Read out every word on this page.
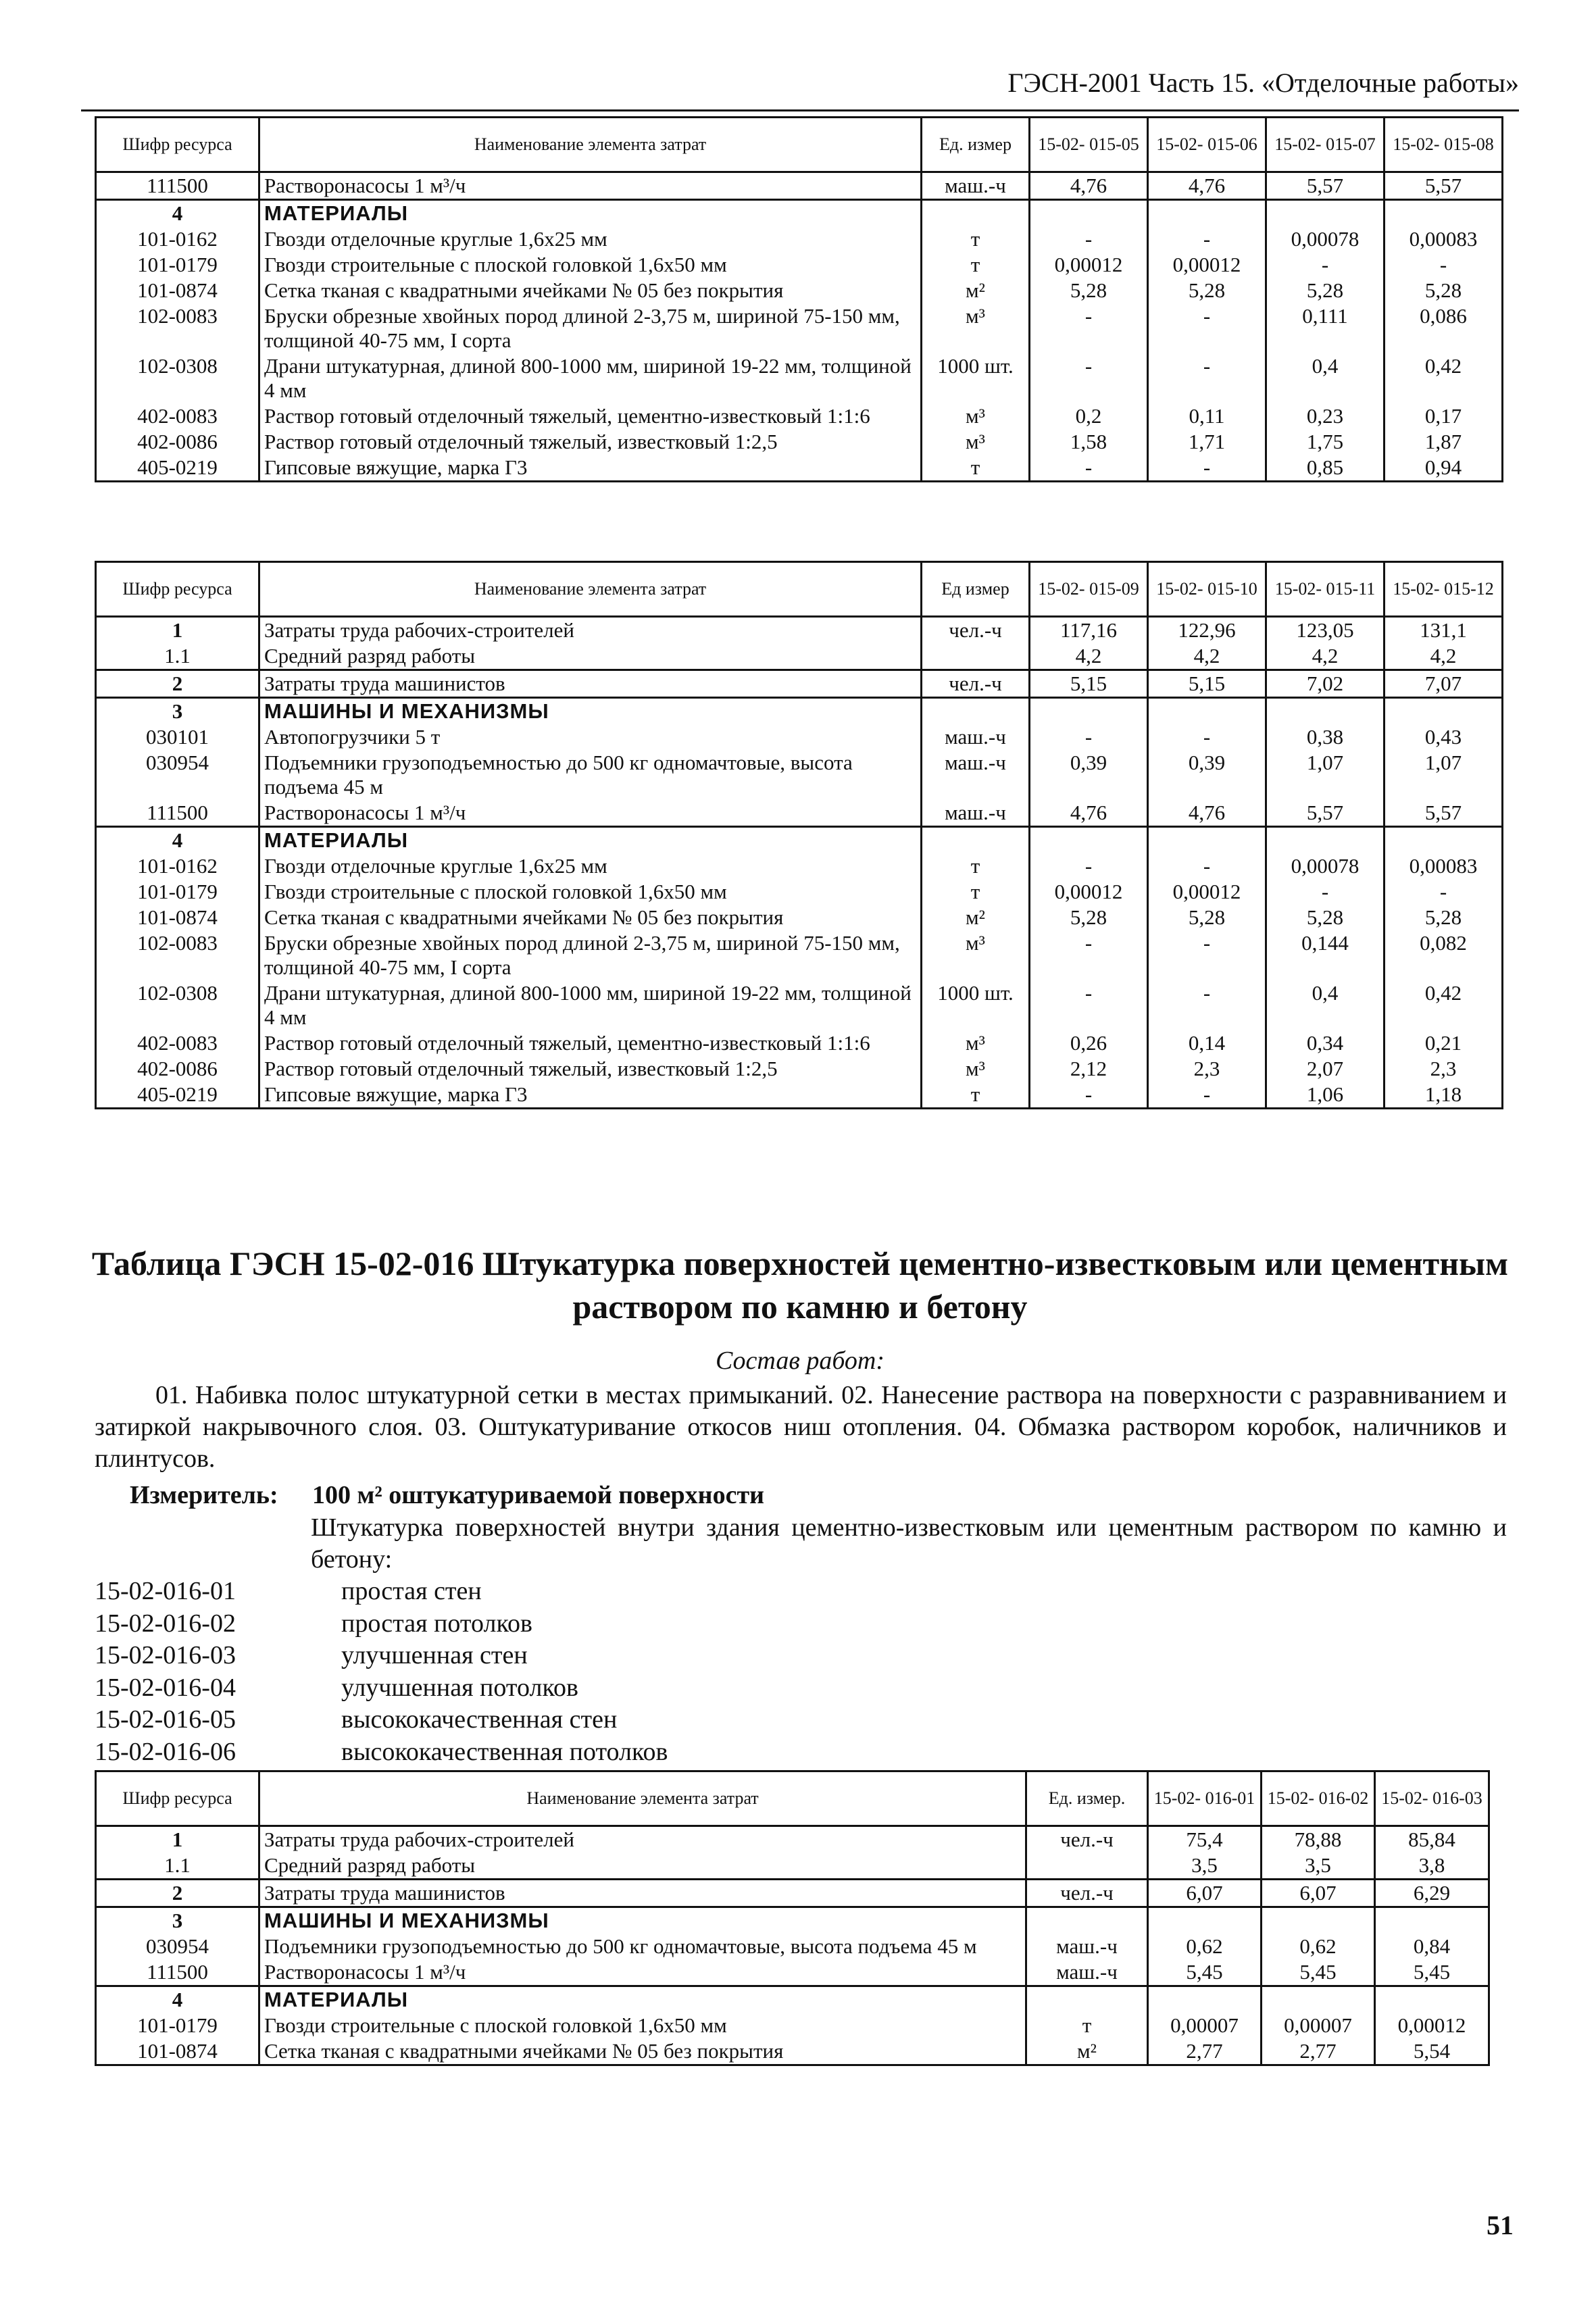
ГЭСН-2001 Часть 15. «Отделочные работы»
Шифр ресурса	Наименование элемента затрат	Ед. измер	15-02- 015-05	15-02- 015-06	15-02- 015-07	15-02- 015-08
111500	Растворонасосы 1 м³/ч	маш.-ч	4,76	4,76	5,57	5,57
4	МАТЕРИАЛЫ					
101-0162	Гвозди отделочные круглые 1,6х25 мм	т	-	-	0,00078	0,00083
101-0179	Гвозди строительные с плоской головкой 1,6х50 мм	т	0,00012	0,00012	-	-
101-0874	Сетка тканая с квадратными ячейками № 05 без покрытия	м²	5,28	5,28	5,28	5,28
102-0083	Бруски обрезные хвойных пород длиной 2-3,75 м, шириной 75-150 мм, толщиной 40-75 мм, I сорта	м³	-	-	0,111	0,086
102-0308	Драни штукатурная, длиной 800-1000 мм, шириной 19-22 мм, толщиной 4 мм	1000 шт.	-	-	0,4	0,42
402-0083	Раствор готовый отделочный тяжелый, цементно-известковый 1:1:6	м³	0,2	0,11	0,23	0,17
402-0086	Раствор готовый отделочный тяжелый, известковый 1:2,5	м³	1,58	1,71	1,75	1,87
405-0219	Гипсовые вяжущие, марка Г3	т	-	-	0,85	0,94
Шифр ресурса	Наименование элемента затрат	Ед измер	15-02- 015-09	15-02- 015-10	15-02- 015-11	15-02- 015-12
1	Затраты труда рабочих-строителей	чел.-ч	117,16	122,96	123,05	131,1
1.1	Средний разряд работы		4,2	4,2	4,2	4,2
2	Затраты труда машинистов	чел.-ч	5,15	5,15	7,02	7,07
3	МАШИНЫ И МЕХАНИЗМЫ					
030101	Автопогрузчики 5 т	маш.-ч	-	-	0,38	0,43
030954	Подъемники грузоподъемностью до 500 кг одномачтовые, высота подъема 45 м	маш.-ч	0,39	0,39	1,07	1,07
111500	Растворонасосы 1 м³/ч	маш.-ч	4,76	4,76	5,57	5,57
4	МАТЕРИАЛЫ					
101-0162	Гвозди отделочные круглые 1,6х25 мм	т	-	-	0,00078	0,00083
101-0179	Гвозди строительные с плоской головкой 1,6х50 мм	т	0,00012	0,00012	-	-
101-0874	Сетка тканая с квадратными ячейками № 05 без покрытия	м²	5,28	5,28	5,28	5,28
102-0083	Бруски обрезные хвойных пород длиной 2-3,75 м, шириной 75-150 мм, толщиной 40-75 мм, I сорта	м³	-	-	0,144	0,082
102-0308	Драни штукатурная, длиной 800-1000 мм, шириной 19-22 мм, толщиной 4 мм	1000 шт.	-	-	0,4	0,42
402-0083	Раствор готовый отделочный тяжелый, цементно-известковый 1:1:6	м³	0,26	0,14	0,34	0,21
402-0086	Раствор готовый отделочный тяжелый, известковый 1:2,5	м³	2,12	2,3	2,07	2,3
405-0219	Гипсовые вяжущие, марка Г3	т	-	-	1,06	1,18
Таблица ГЭСН 15-02-016 Штукатурка поверхностей цементно-известковым или цементным раствором по камню и бетону
Состав работ:
01. Набивка полос штукатурной сетки в местах примыканий. 02. Нанесение раствора на поверхности с разравниванием и затиркой накрывочного слоя. 03. Оштукатуривание откосов ниш отопления. 04. Обмазка раствором коробок, наличников и плинтусов.
Измеритель: 100 м² оштукатуриваемой поверхности
Штукатурка поверхностей внутри здания цементно-известковым или цементным раствором по камню и бетону:
15-02-016-01	простая стен
15-02-016-02	простая потолков
15-02-016-03	улучшенная стен
15-02-016-04	улучшенная потолков
15-02-016-05	высококачественная стен
15-02-016-06	высококачественная потолков
Шифр ресурса	Наименование элемента затрат	Ед. измер.	15-02- 016-01	15-02- 016-02	15-02- 016-03
1	Затраты труда рабочих-строителей	чел.-ч	75,4	78,88	85,84
1.1	Средний разряд работы		3,5	3,5	3,8
2	Затраты труда машинистов	чел.-ч	6,07	6,07	6,29
3	МАШИНЫ И МЕХАНИЗМЫ				
030954	Подъемники грузоподъемностью до 500 кг одномачтовые, высота подъема 45 м	маш.-ч	0,62	0,62	0,84
111500	Растворонасосы 1 м³/ч	маш.-ч	5,45	5,45	5,45
4	МАТЕРИАЛЫ				
101-0179	Гвозди строительные с плоской головкой 1,6х50 мм	т	0,00007	0,00007	0,00012
101-0874	Сетка тканая с квадратными ячейками № 05 без покрытия	м²	2,77	2,77	5,54
51
